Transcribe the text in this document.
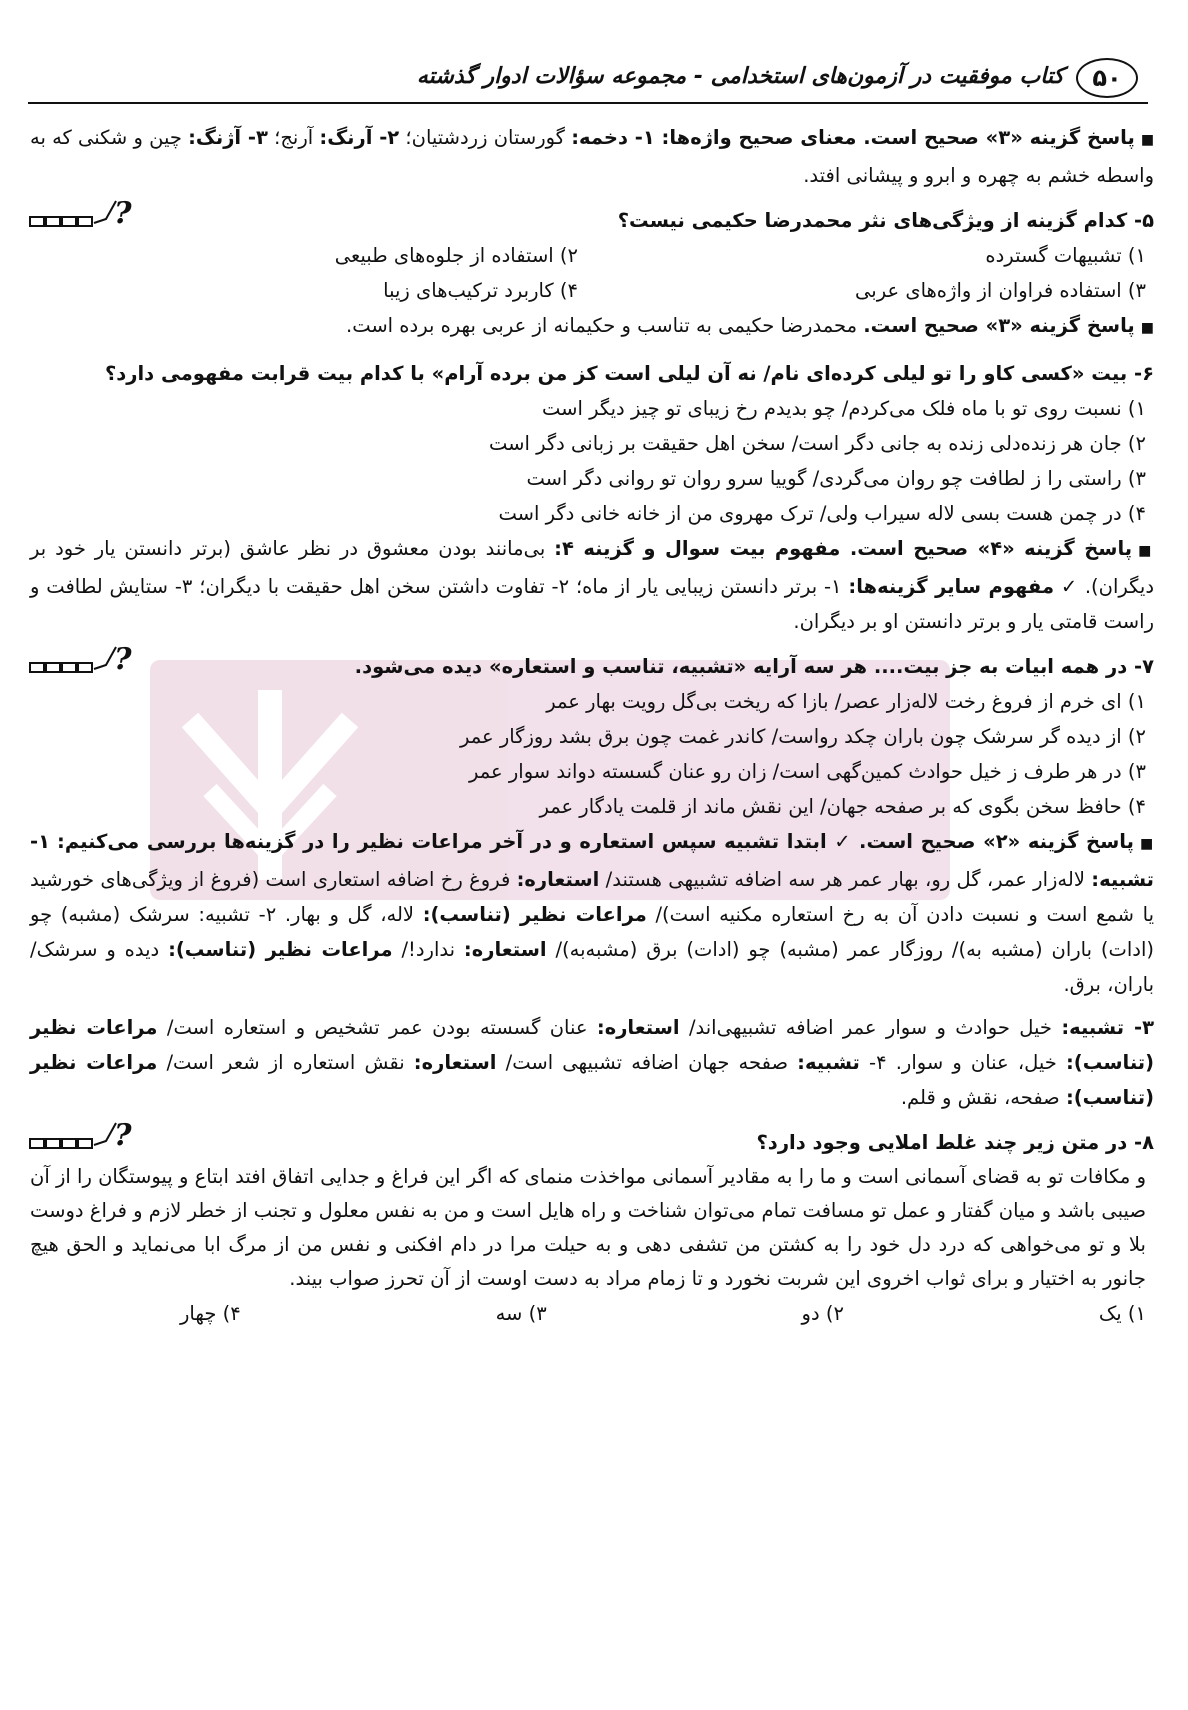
۵۰
کتاب موفقیت در آزمون‌های استخدامی - مجموعه سؤالات ادوار گذشته

■پاسخ گزینه «۳» صحیح است. معنای صحیح واژه‌ها: ۱- دخمه: گورستان زردشتیان؛ ۲- آرنگ: آرنج؛ ۳- آژنگ: چین و شکنی که به واسطه خشم به چهره و ابرو و پیشانی افتد.

۵- کدام گزینه از ویژگی‌های نثر محمدرضا حکیمی نیست؟
?
۱) تشبیهات گسترده
۲) استفاده از جلوه‌های طبیعی
۳) استفاده فراوان از واژه‌های عربی
۴) کاربرد ترکیب‌های زیبا

■پاسخ گزینه «۳» صحیح است. محمدرضا حکیمی به تناسب و حکیمانه از عربی بهره برده است.

۶- بیت «کسی کاو را تو لیلی کرده‌ای نام/ نه آن لیلی است کز من برده آرام» با کدام بیت قرابت مفهومی دارد؟
۱) نسبت روی تو با ماه فلک می‌کردم/ چو بدیدم رخ زیبای تو چیز دیگر است
۲) جان هر زنده‌دلی زنده به جانی دگر است/ سخن اهل حقیقت بر زبانی دگر است
۳) راستی را ز لطافت چو روان می‌گردی/ گوییا سرو روان تو روانی دگر است
۴) در چمن هست بسی لاله سیراب ولی/ ترک مهروی من از خانه خانی دگر است

■پاسخ گزینه «۴» صحیح است. مفهوم بیت سوال و گزینه ۴: بی‌مانند بودن معشوق در نظر عاشق (برتر دانستن یار خود بر دیگران). ✓ مفهوم سایر گزینه‌ها: ۱- برتر دانستن زیبایی یار از ماه؛ ۲- تفاوت داشتن سخن اهل حقیقت با دیگران؛ ۳- ستایش لطافت و راست قامتی یار و برتر دانستن او بر دیگران.

۷- در همه ابیات به جز بیت.... هر سه آرایه «تشبیه، تناسب و استعاره» دیده می‌شود.
?
۱) ای خرم از فروغ رخت لاله‌زار عصر/ بازا که ریخت بی‌گل رویت بهار عمر
۲) از دیده گر سرشک چون باران چکد رواست/ کاندر غمت چون برق بشد روزگار عمر
۳) در هر طرف ز خیل حوادث کمین‌گهی است/ زان رو عنان گسسته دواند سوار عمر
۴) حافظ سخن بگوی که بر صفحه جهان/ این نقش ماند از قلمت یادگار عمر

■پاسخ گزینه «۲» صحیح است. ✓ ابتدا تشبیه سپس استعاره و در آخر مراعات نظیر را در گزینه‌ها بررسی می‌کنیم: ۱- تشبیه: لاله‌زار عمر، گل رو، بهار عمر هر سه اضافه تشبیهی هستند/ استعاره: فروغ رخ اضافه استعاری است (فروغ از ویژگی‌های خورشید یا شمع است و نسبت دادن آن به رخ استعاره مکنیه است)/ مراعات نظیر (تناسب): لاله، گل و بهار. ۲- تشبیه: سرشک (مشبه) چو (ادات) باران (مشبه به)/ روزگار عمر (مشبه) چو (ادات) برق (مشبه‌به)/ استعاره: ندارد!/ مراعات نظیر (تناسب): دیده و سرشک/ باران، برق.

۳- تشبیه: خیل حوادث و سوار عمر اضافه تشبیهی‌اند/ استعاره: عنان گسسته بودن عمر تشخیص و استعاره است/ مراعات نظیر (تناسب): خیل، عنان و سوار. ۴- تشبیه: صفحه جهان اضافه تشبیهی است/ استعاره: نقش استعاره از شعر است/ مراعات نظیر (تناسب): صفحه، نقش و قلم.

۸- در متن زیر چند غلط املایی وجود دارد؟
?
و مکافات تو به قضای آسمانی است و ما را به مقادیر آسمانی مواخذت منمای که اگر این فراغ و جدایی اتفاق افتد ابتاع و پیوستگان را از آن صیبی باشد و میان گفتار و عمل تو مسافت تمام می‌توان شناخت و راه هایل است و من به نفس معلول و تجنب از خطر لازم و فراغ دوست بلا و تو می‌خواهی که درد دل خود را به کشتن من تشفی دهی و به حیلت مرا در دام افکنی و نفس من از مرگ ابا می‌نماید و الحق هیچ جانور به اختیار و برای ثواب اخروی این شربت نخورد و تا زمام مراد به دست اوست از آن تحرز صواب بیند.
۱) یک
۲) دو
۳) سه
۴) چهار
